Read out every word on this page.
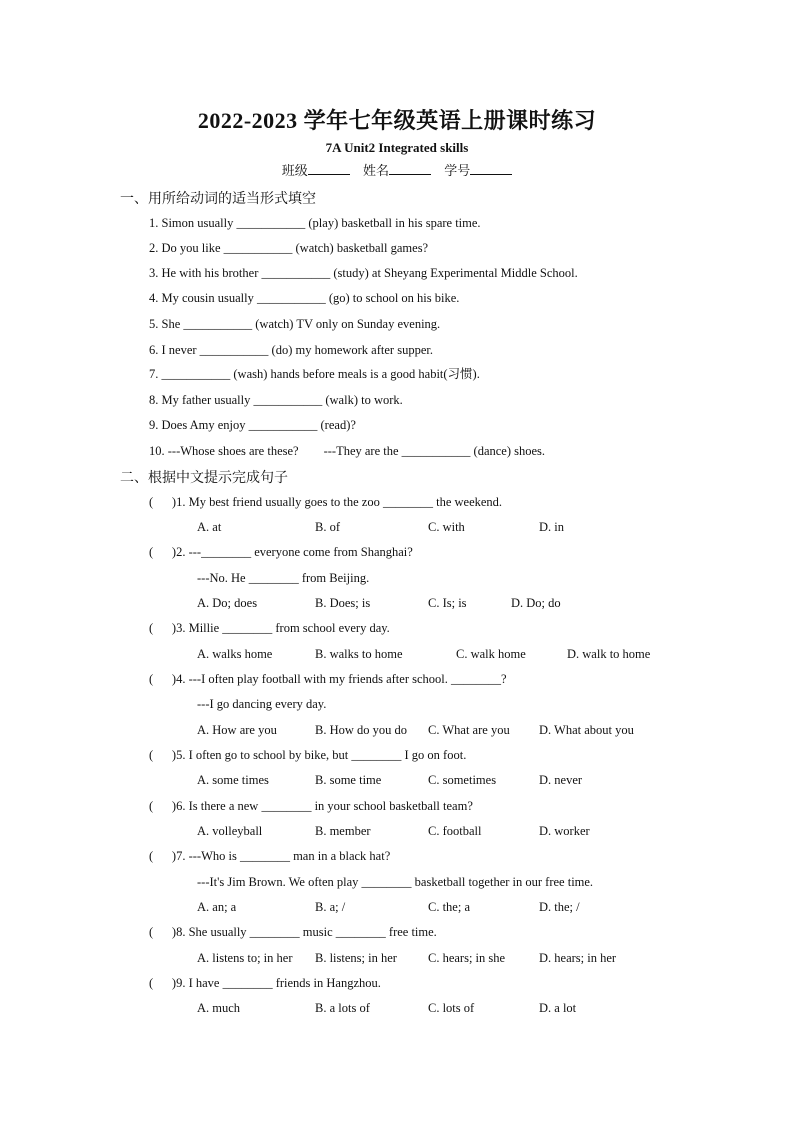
2022-2023 学年七年级英语上册课时练习
7A Unit2 Integrated skills
班级	姓名	学号
一、用所给动词的适当形式填空
1. Simon usually ___________ (play) basketball in his spare time.
2. Do you like ___________ (watch) basketball games?
3. He with his brother ___________ (study) at Sheyang Experimental Middle School.
4. My cousin usually ___________ (go) to school on his bike.
5. She ___________ (watch) TV only on Sunday evening.
6. I never ___________ (do) my homework after supper.
7. ___________ (wash) hands before meals is a good habit(习惯).
8. My father usually ___________ (walk) to work.
9. Does Amy enjoy ___________ (read)?
10. ---Whose shoes are these?        ---They are the ___________ (dance) shoes.
二、根据中文提示完成句子
(      )1. My best friend usually goes to the zoo ________ the weekend.
A. at	B. of	C. with	D. in
(      )2. ---________ everyone come from Shanghai?
---No. He ________ from Beijing.
A. Do; does	B. Does; is	C. Is; is	D. Do; do
(      )3. Millie ________ from school every day.
A. walks home	B. walks to home	C. walk home	D. walk to home
(      )4. ---I often play football with my friends after school. ________?
---I go dancing every day.
A. How are you	B. How do you do C. What are you D. What about you
(      )5. I often go to school by bike, but ________ I go on foot.
A. some times	B. some time	C. sometimes	D. never
(      )6. Is there a new ________ in your school basketball team?
A. volleyball	B. member	C. football	D. worker
(      )7. ---Who is ________ man in a black hat?
---It's Jim Brown. We often play ________ basketball together in our free time.
A. an; a	B. a; /	C. the; a	D. the; /
(      )8. She usually ________ music ________ free time.
A. listens to; in her B. listens; in her C. hears; in she	D. hears; in her
(      )9. I have ________ friends in Hangzhou.
A. much	B. a lots of	C. lots of	D. a lot
